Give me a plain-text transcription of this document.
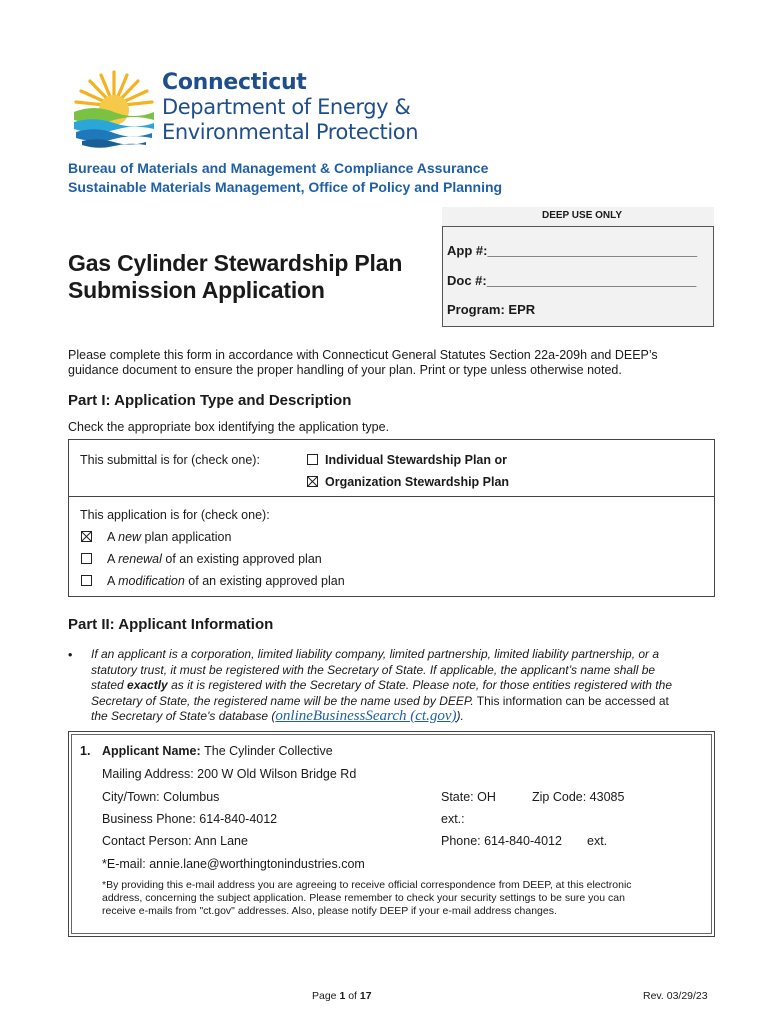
Connecticut
Department of Energy &
Environmental Protection
Bureau of Materials and Management & Compliance Assurance
Sustainable Materials Management, Office of Policy and Planning
DEEP USE ONLY
App #:_____________________________
Doc #:_____________________________
Program: EPR
Gas Cylinder Stewardship Plan
Submission Application
Please complete this form in accordance with Connecticut General Statutes Section 22a-209h and DEEP’s
guidance document to ensure the proper handling of your plan. Print or type unless otherwise noted.
Part I: Application Type and Description
Check the appropriate box identifying the application type.
This submittal is for (check one):	Individual Stewardship Plan or
Organization Stewardship Plan
This application is for (check one):
A new plan application
A renewal of an existing approved plan
A modification of an existing approved plan
Part II: Applicant Information
• If an applicant is a corporation, limited liability company, limited partnership, limited liability partnership, or a
statutory trust, it must be registered with the Secretary of State. If applicable, the applicant’s name shall be
stated exactly as it is registered with the Secretary of State. Please note, for those entities registered with the
Secretary of State, the registered name will be the name used by DEEP. This information can be accessed at
the Secretary of State's database (onlineBusinessSearch (ct.gov)).
1. Applicant Name: The Cylinder Collective
Mailing Address: 200 W Old Wilson Bridge Rd
City/Town: Columbus	State: OH	Zip Code: 43085
Business Phone: 614-840-4012	ext.:
Contact Person: Ann Lane	Phone: 614-840-4012 ext.
*E-mail: annie.lane@worthingtonindustries.com
*By providing this e-mail address you are agreeing to receive official correspondence from DEEP, at this electronic
address, concerning the subject application. Please remember to check your security settings to be sure you can
receive e-mails from "ct.gov" addresses. Also, please notify DEEP if your e-mail address changes.
Page 1 of 17	Rev. 03/29/23
